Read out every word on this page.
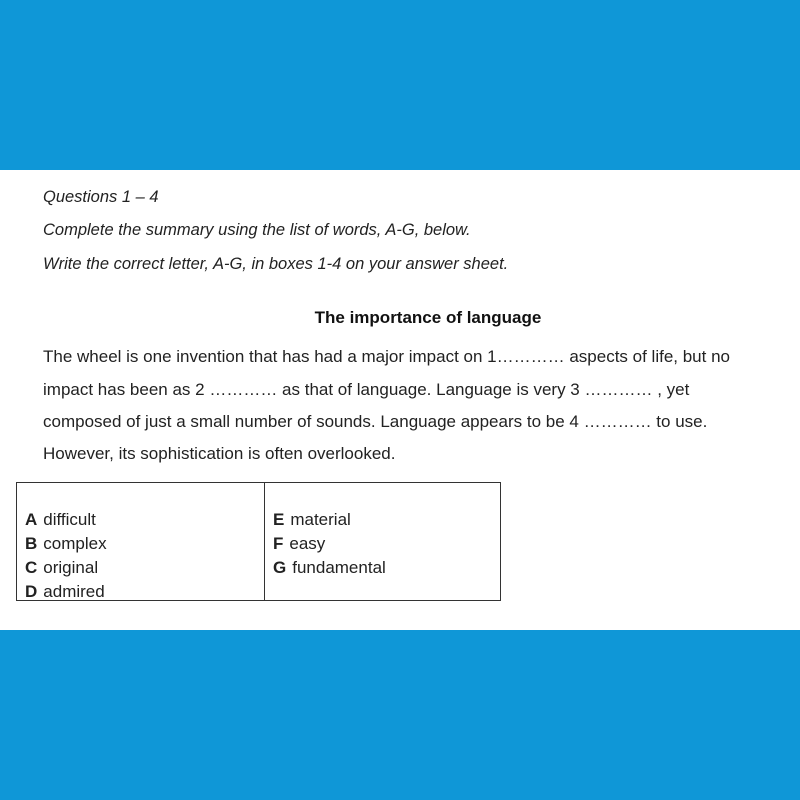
Questions 1 – 4
Complete the summary using the list of words, A-G, below.
Write the correct letter, A-G, in boxes 1-4 on your answer sheet.
The importance of language
The wheel is one invention that has had a major impact on 1………… aspects of life, but no
impact has been as 2 ………… as that of language. Language is very 3 ………… , yet
composed of just a small number of sounds. Language appears to be 4 ………… to use.
However, its sophistication is often overlooked.
A difficult
B complex
C original
D admired
E material
F easy
G fundamental
